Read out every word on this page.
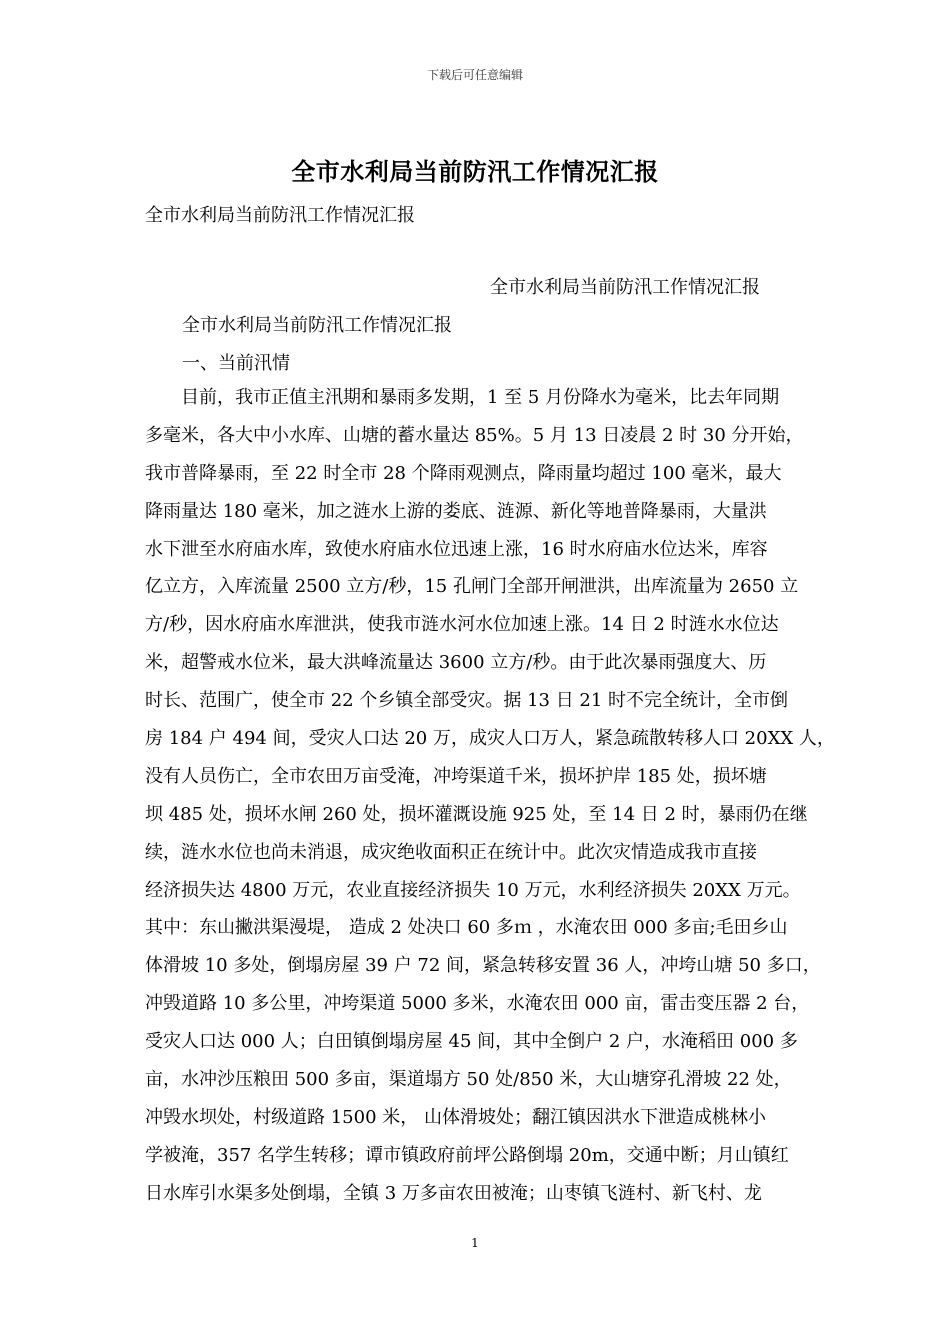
下载后可任意编辑
全市水利局当前防汛工作情况汇报
全市水利局当前防汛工作情况汇报
全市水利局当前防汛工作情况汇报
全市水利局当前防汛工作情况汇报
一、当前汛情
目前，我市正值主汛期和暴雨多发期，1 至 5 月份降水为毫米，比去年同期
多毫米，各大中小水库、山塘的蓄水量达 85%。5 月 13 日凌晨 2 时 30 分开始，
我市普降暴雨，至 22 时全市 28 个降雨观测点，降雨量均超过 100 毫米，最大
降雨量达 180 毫米，加之涟水上游的娄底、涟源、新化等地普降暴雨，大量洪
水下泄至水府庙水库，致使水府庙水位迅速上涨，16 时水府庙水位达米，库容
亿立方，入库流量 2500 立方/秒，15 孔闸门全部开闸泄洪，出库流量为 2650 立
方/秒，因水府庙水库泄洪，使我市涟水河水位加速上涨。14 日 2 时涟水水位达
米，超警戒水位米，最大洪峰流量达 3600 立方/秒。由于此次暴雨强度大、历
时长、范围广，使全市 22 个乡镇全部受灾。据 13 日 21 时不完全统计，全市倒
房 184 户 494 间，受灾人口达 20 万，成灾人口万人，紧急疏散转移人口 20XX 人，
没有人员伤亡，全市农田万亩受淹，冲垮渠道千米，损坏护岸 185 处，损坏塘
坝 485 处，损坏水闸 260 处，损坏灌溉设施 925 处，至 14 日 2 时，暴雨仍在继
续，涟水水位也尚未消退，成灾绝收面积正在统计中。此次灾情造成我市直接
经济损失达 4800 万元，农业直接经济损失 10 万元，水利经济损失 20XX 万元。
其中：东山撇洪渠漫堤， 造成 2 处决口 60 多ｍ ，水淹农田 000 多亩;毛田乡山
体滑坡 10 多处，倒塌房屋 39 户 72 间，紧急转移安置 36 人，冲垮山塘 50 多口，
冲毁道路 10 多公里，冲垮渠道 5000 多米，水淹农田 000 亩，雷击变压器 2 台，
受灾人口达 000 人；白田镇倒塌房屋 45 间，其中全倒户 2 户，水淹稻田 000 多
亩，水冲沙压粮田 500 多亩，渠道塌方 50 处/850 米，大山塘穿孔滑坡 22 处，
冲毁水坝处，村级道路 1500 米， 山体滑坡处；翻江镇因洪水下泄造成桃林小
学被淹，357 名学生转移；谭市镇政府前坪公路倒塌 20m，交通中断；月山镇红
日水库引水渠多处倒塌，全镇 3 万多亩农田被淹；山枣镇飞涟村、新飞村、龙
1
